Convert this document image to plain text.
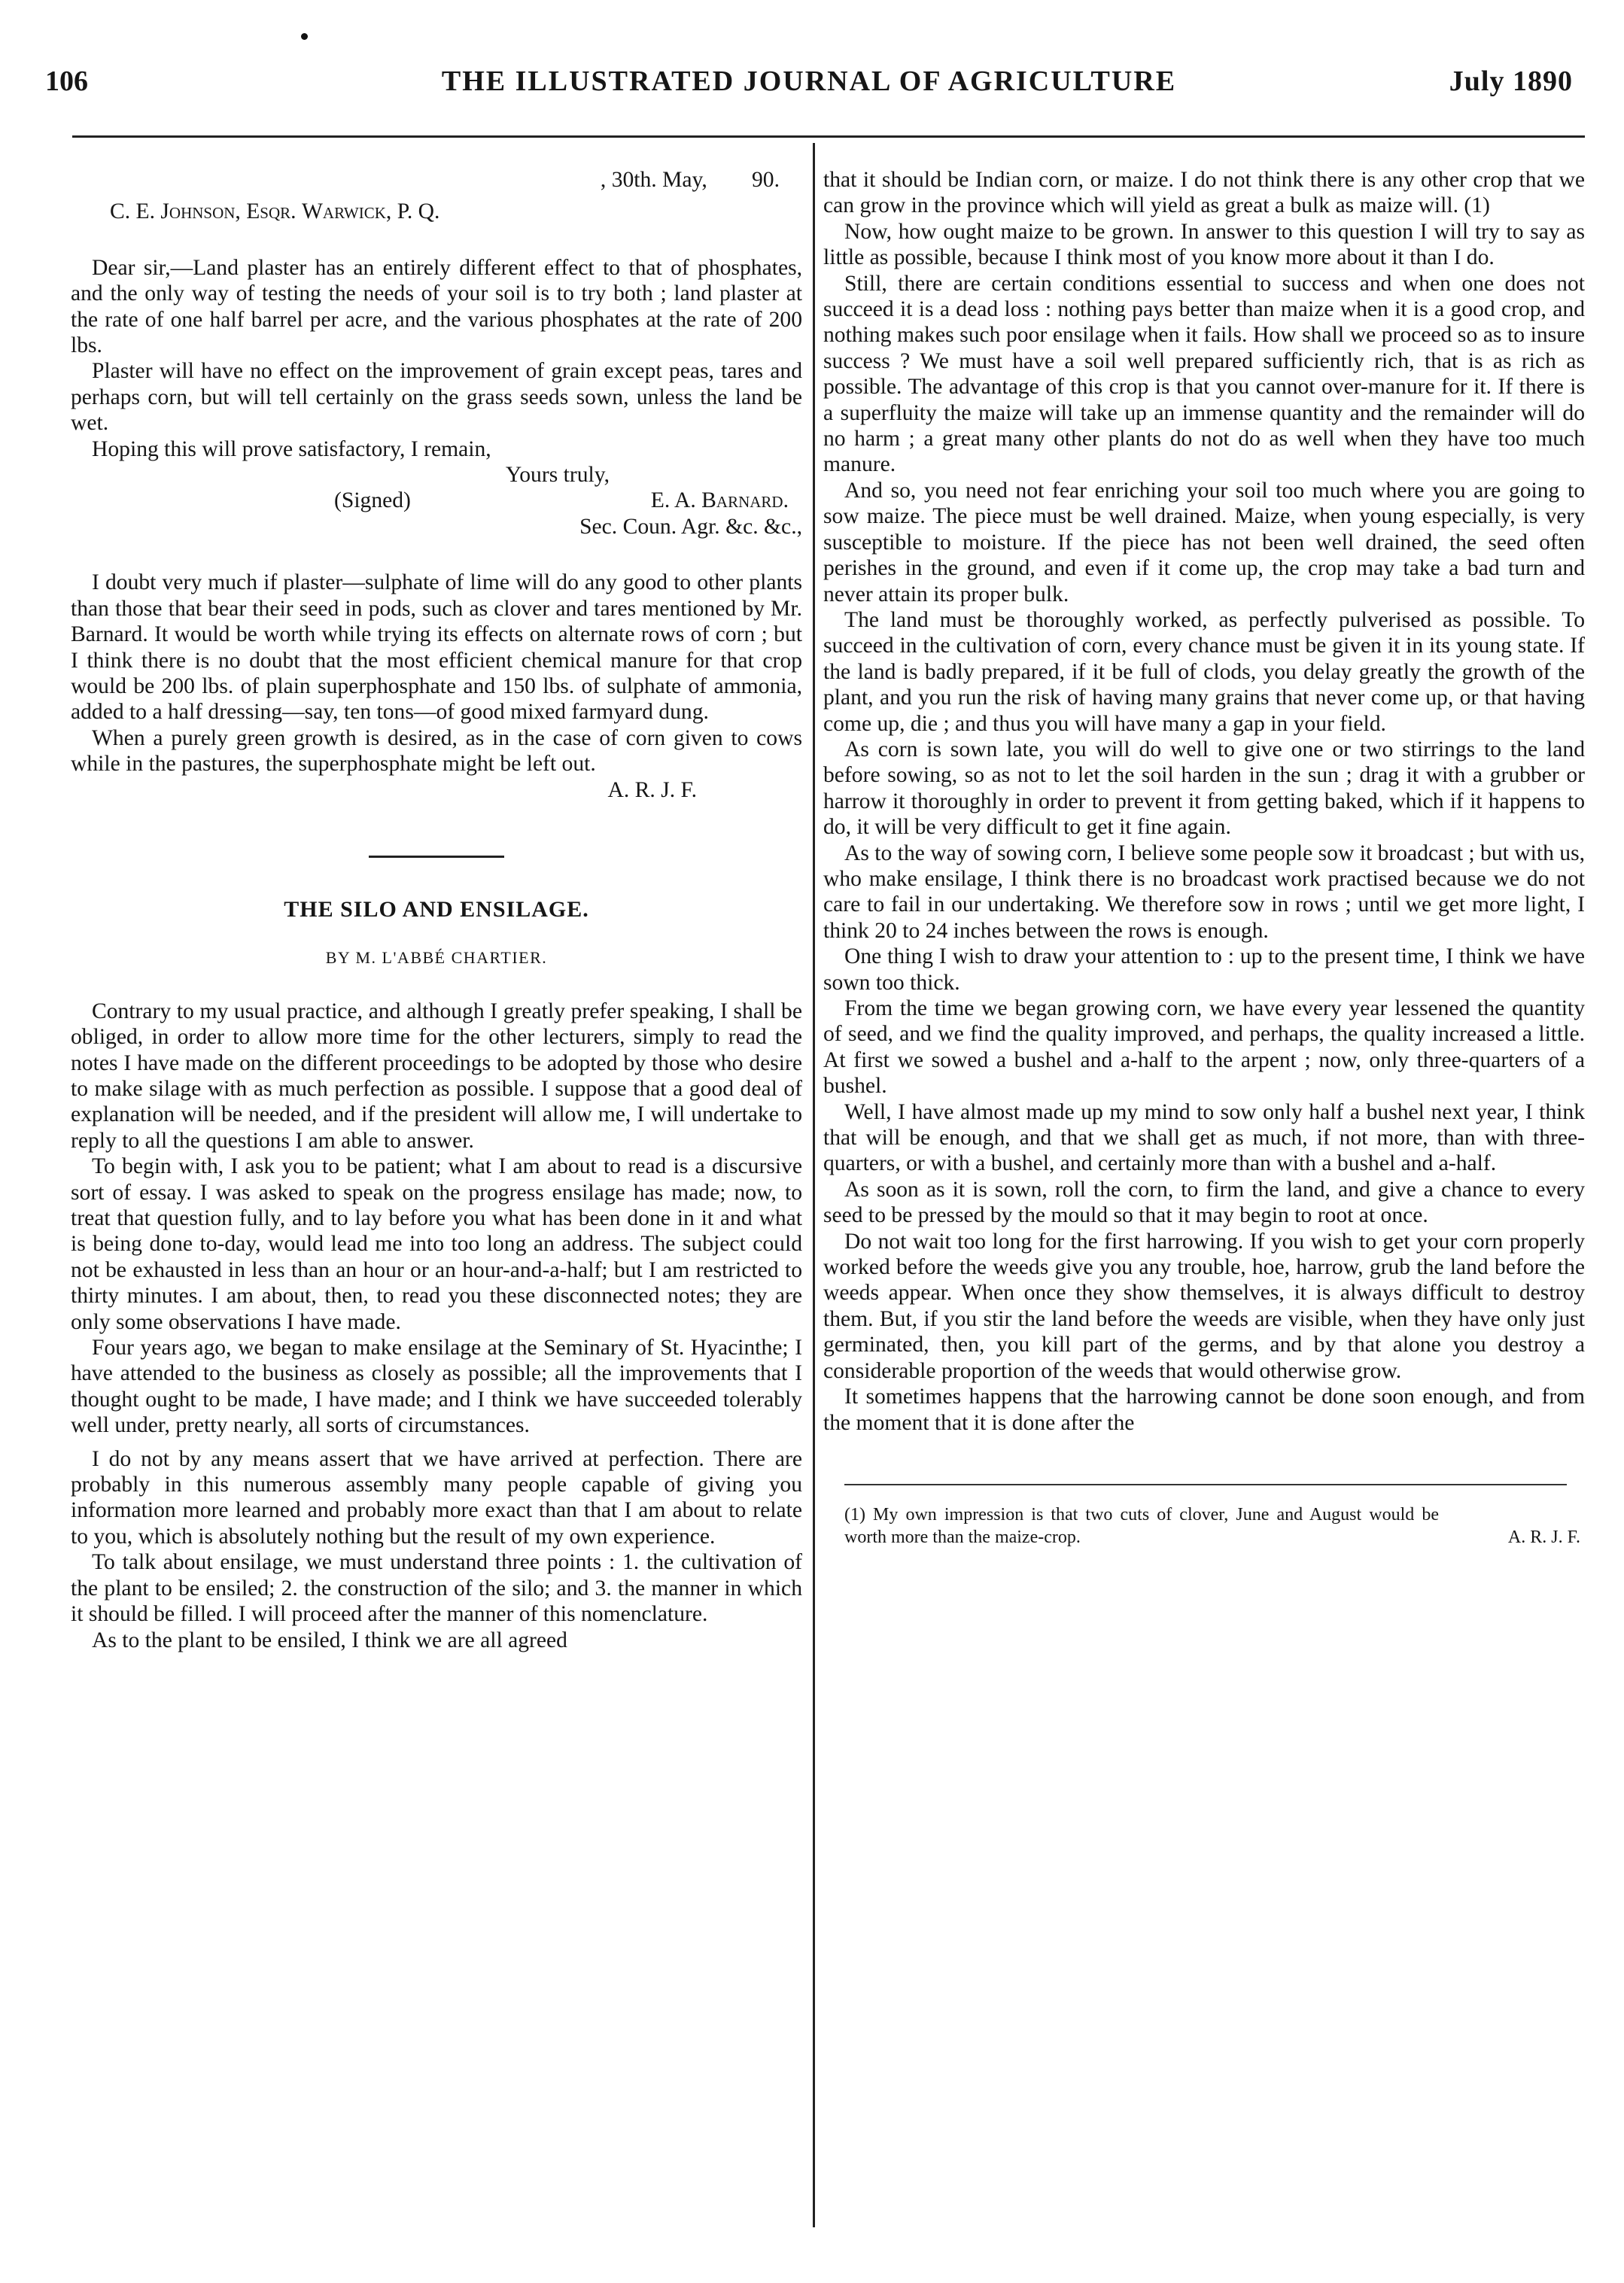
106	THE ILLUSTRATED JOURNAL OF AGRICULTURE	July 1890
, 30th. May,        90.
C. E. Johnson, Esqr. Warwick, P. Q.

Dear sir,—Land plaster has an entirely different effect to that of phosphates, and the only way of testing the needs of your soil is to try both ; land plaster at the rate of one half barrel per acre, and the various phosphates at the rate of 200 lbs.

Plaster will have no effect on the improvement of grain except peas, tares and perhaps corn, but will tell certainly on the grass seeds sown, unless the land be wet.

Hoping this will prove satisfactory, I remain,

Yours truly,
(Signed)	E. A. Barnard.
Sec. Coun. Agr. &c. &c.,

I doubt very much if plaster—sulphate of lime will do any good to other plants than those that bear their seed in pods, such as clover and tares mentioned by Mr. Barnard. It would be worth while trying its effects on alternate rows of corn ; but I think there is no doubt that the most efficient chemical manure for that crop would be 200 lbs. of plain superphosphate and 150 lbs. of sulphate of ammonia, added to a half dressing—say, ten tons—of good mixed farmyard dung.

When a purely green growth is desired, as in the case of corn given to cows while in the pastures, the superphosphate might be left out.

A. R. J. F.
THE SILO AND ENSILAGE.
BY M. L'ABBÉ CHARTIER.

Contrary to my usual practice, and although I greatly prefer speaking, I shall be obliged, in order to allow more time for the other lecturers, simply to read the notes I have made on the different proceedings to be adopted by those who desire to make silage with as much perfection as possible. I suppose that a good deal of explanation will be needed, and if the president will allow me, I will undertake to reply to all the questions I am able to answer.

To begin with, I ask you to be patient; what I am about to read is a discursive sort of essay. I was asked to speak on the progress ensilage has made; now, to treat that question fully, and to lay before you what has been done in it and what is being done to-day, would lead me into too long an address. The subject could not be exhausted in less than an hour or an hour-and-a-half; but I am restricted to thirty minutes. I am about, then, to read you these disconnected notes; they are only some observations I have made.

Four years ago, we began to make ensilage at the Seminary of St. Hyacinthe; I have attended to the business as closely as possible; all the improvements that I thought ought to be made, I have made; and I think we have succeeded tolerably well under, pretty nearly, all sorts of circumstances.

I do not by any means assert that we have arrived at perfection. There are probably in this numerous assembly many people capable of giving you information more learned and probably more exact than that I am about to relate to you, which is absolutely nothing but the result of my own experience.

To talk about ensilage, we must understand three points : 1. the cultivation of the plant to be ensiled; 2. the construction of the silo; and 3. the manner in which it should be filled. I will proceed after the manner of this nomenclature.

As to the plant to be ensiled, I think we are all agreed

that it should be Indian corn, or maize. I do not think there is any other crop that we can grow in the province which will yield as great a bulk as maize will. (1)

Now, how ought maize to be grown. In answer to this question I will try to say as little as possible, because I think most of you know more about it than I do.

Still, there are certain conditions essential to success and when one does not succeed it is a dead loss : nothing pays better than maize when it is a good crop, and nothing makes such poor ensilage when it fails. How shall we proceed so as to insure success ? We must have a soil well prepared sufficiently rich, that is as rich as possible. The advantage of this crop is that you cannot over-manure for it. If there is a superfluity the maize will take up an immense quantity and the remainder will do no harm ; a great many other plants do not do as well when they have too much manure.

And so, you need not fear enriching your soil too much where you are going to sow maize. The piece must be well drained. Maize, when young especially, is very susceptible to moisture. If the piece has not been well drained, the seed often perishes in the ground, and even if it come up, the crop may take a bad turn and never attain its proper bulk.

The land must be thoroughly worked, as perfectly pulverised as possible. To succeed in the cultivation of corn, every chance must be given it in its young state. If the land is badly prepared, if it be full of clods, you delay greatly the growth of the plant, and you run the risk of having many grains that never come up, or that having come up, die ; and thus you will have many a gap in your field.

As corn is sown late, you will do well to give one or two stirrings to the land before sowing, so as not to let the soil harden in the sun ; drag it with a grubber or harrow it thoroughly in order to prevent it from getting baked, which if it happens to do, it will be very difficult to get it fine again.

As to the way of sowing corn, I believe some people sow it broadcast ; but with us, who make ensilage, I think there is no broadcast work practised because we do not care to fail in our undertaking. We therefore sow in rows ; until we get more light, I think 20 to 24 inches between the rows is enough.

One thing I wish to draw your attention to : up to the present time, I think we have sown too thick.

From the time we began growing corn, we have every year lessened the quantity of seed, and we find the quality improved, and perhaps, the quality increased a little. At first we sowed a bushel and a-half to the arpent ; now, only three-quarters of a bushel.

Well, I have almost made up my mind to sow only half a bushel next year, I think that will be enough, and that we shall get as much, if not more, than with three-quarters, or with a bushel, and certainly more than with a bushel and a-half.

As soon as it is sown, roll the corn, to firm the land, and give a chance to every seed to be pressed by the mould so that it may begin to root at once.

Do not wait too long for the first harrowing. If you wish to get your corn properly worked before the weeds give you any trouble, hoe, harrow, grub the land before the weeds appear. When once they show themselves, it is always difficult to destroy them. But, if you stir the land before the weeds are visible, when they have only just germinated, then, you kill part of the germs, and by that alone you destroy a considerable proportion of the weeds that would otherwise grow.

It sometimes happens that the harrowing cannot be done soon enough, and from the moment that it is done after the

(1) My own impression is that two cuts of clover, June and August would be worth more than the maize-crop.	A. R. J. F.
